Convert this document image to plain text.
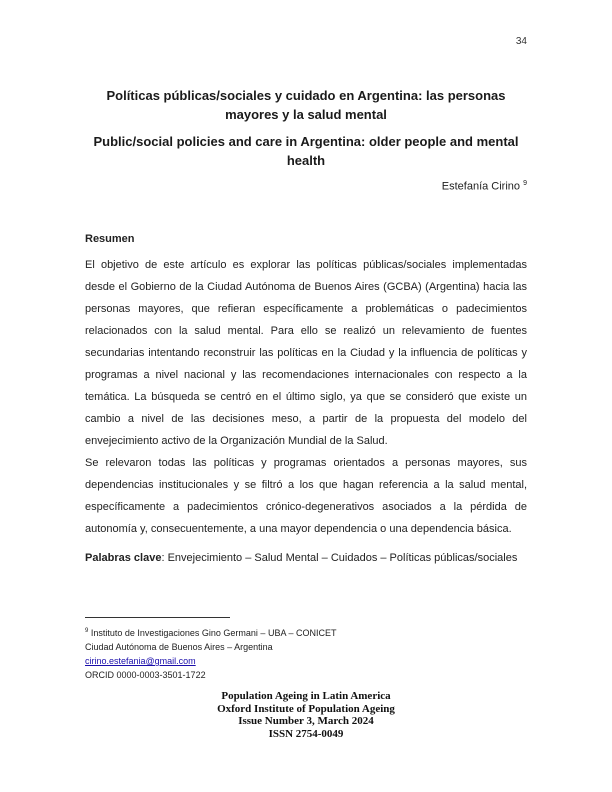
34
Políticas públicas/sociales y cuidado en Argentina: las personas mayores y la salud mental
Public/social policies and care in Argentina: older people and mental health
Estefanía Cirino $^9$
Resumen

El objetivo de este artículo es explorar las políticas públicas/sociales implementadas desde el Gobierno de la Ciudad Autónoma de Buenos Aires (GCBA) (Argentina) hacia las personas mayores, que refieran específicamente a problemáticas o padecimientos relacionados con la salud mental. Para ello se realizó un relevamiento de fuentes secundarias intentando reconstruir las políticas en la Ciudad y la influencia de políticas y programas a nivel nacional y las recomendaciones internacionales con respecto a la temática. La búsqueda se centró en el último siglo, ya que se consideró que existe un cambio a nivel de las decisiones meso, a partir de la propuesta del modelo del envejecimiento activo de la Organización Mundial de la Salud.

Se relevaron todas las políticas y programas orientados a personas mayores, sus dependencias institucionales y se filtró a los que hagan referencia a la salud mental, específicamente a padecimientos crónico-degenerativos asociados a la pérdida de autonomía y, consecuentemente, a una mayor dependencia o una dependencia básica.

Palabras clave: Envejecimiento – Salud Mental – Cuidados – Políticas públicas/sociales
$^9$ Instituto de Investigaciones Gino Germani – UBA – CONICET
Ciudad Autónoma de Buenos Aires – Argentina
cirino.estefania@gmail.com
ORCID 0000-0003-3501-1722
Population Ageing in Latin America
Oxford Institute of Population Ageing
Issue Number 3, March 2024
ISSN 2754-0049
